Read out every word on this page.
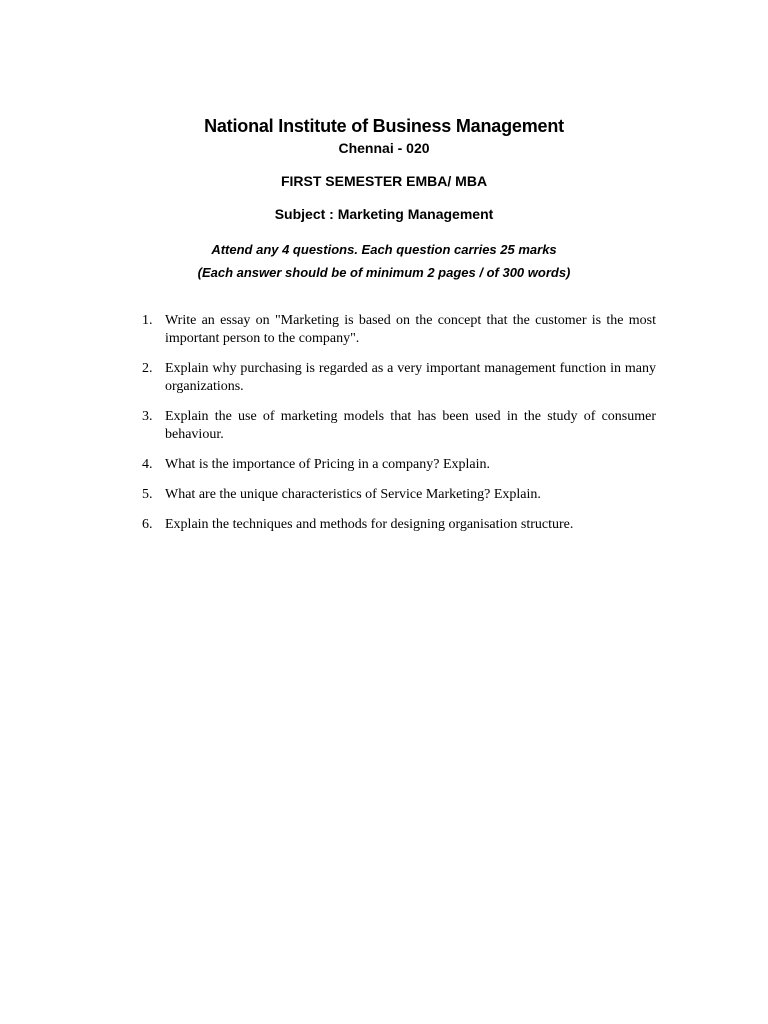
National Institute of Business Management
Chennai - 020
FIRST SEMESTER EMBA/ MBA
Subject : Marketing Management
Attend any 4 questions. Each question carries 25 marks
(Each answer should be of minimum 2 pages / of 300 words)
1. Write an essay on "Marketing is based on the concept that the customer is the most important person to the company".
2. Explain why purchasing is regarded as a very important management function in many organizations.
3. Explain the use of marketing models that has been used in the study of consumer behaviour.
4. What is the importance of Pricing in a company? Explain.
5. What are the unique characteristics of Service Marketing? Explain.
6. Explain the techniques and methods for designing organisation structure.
